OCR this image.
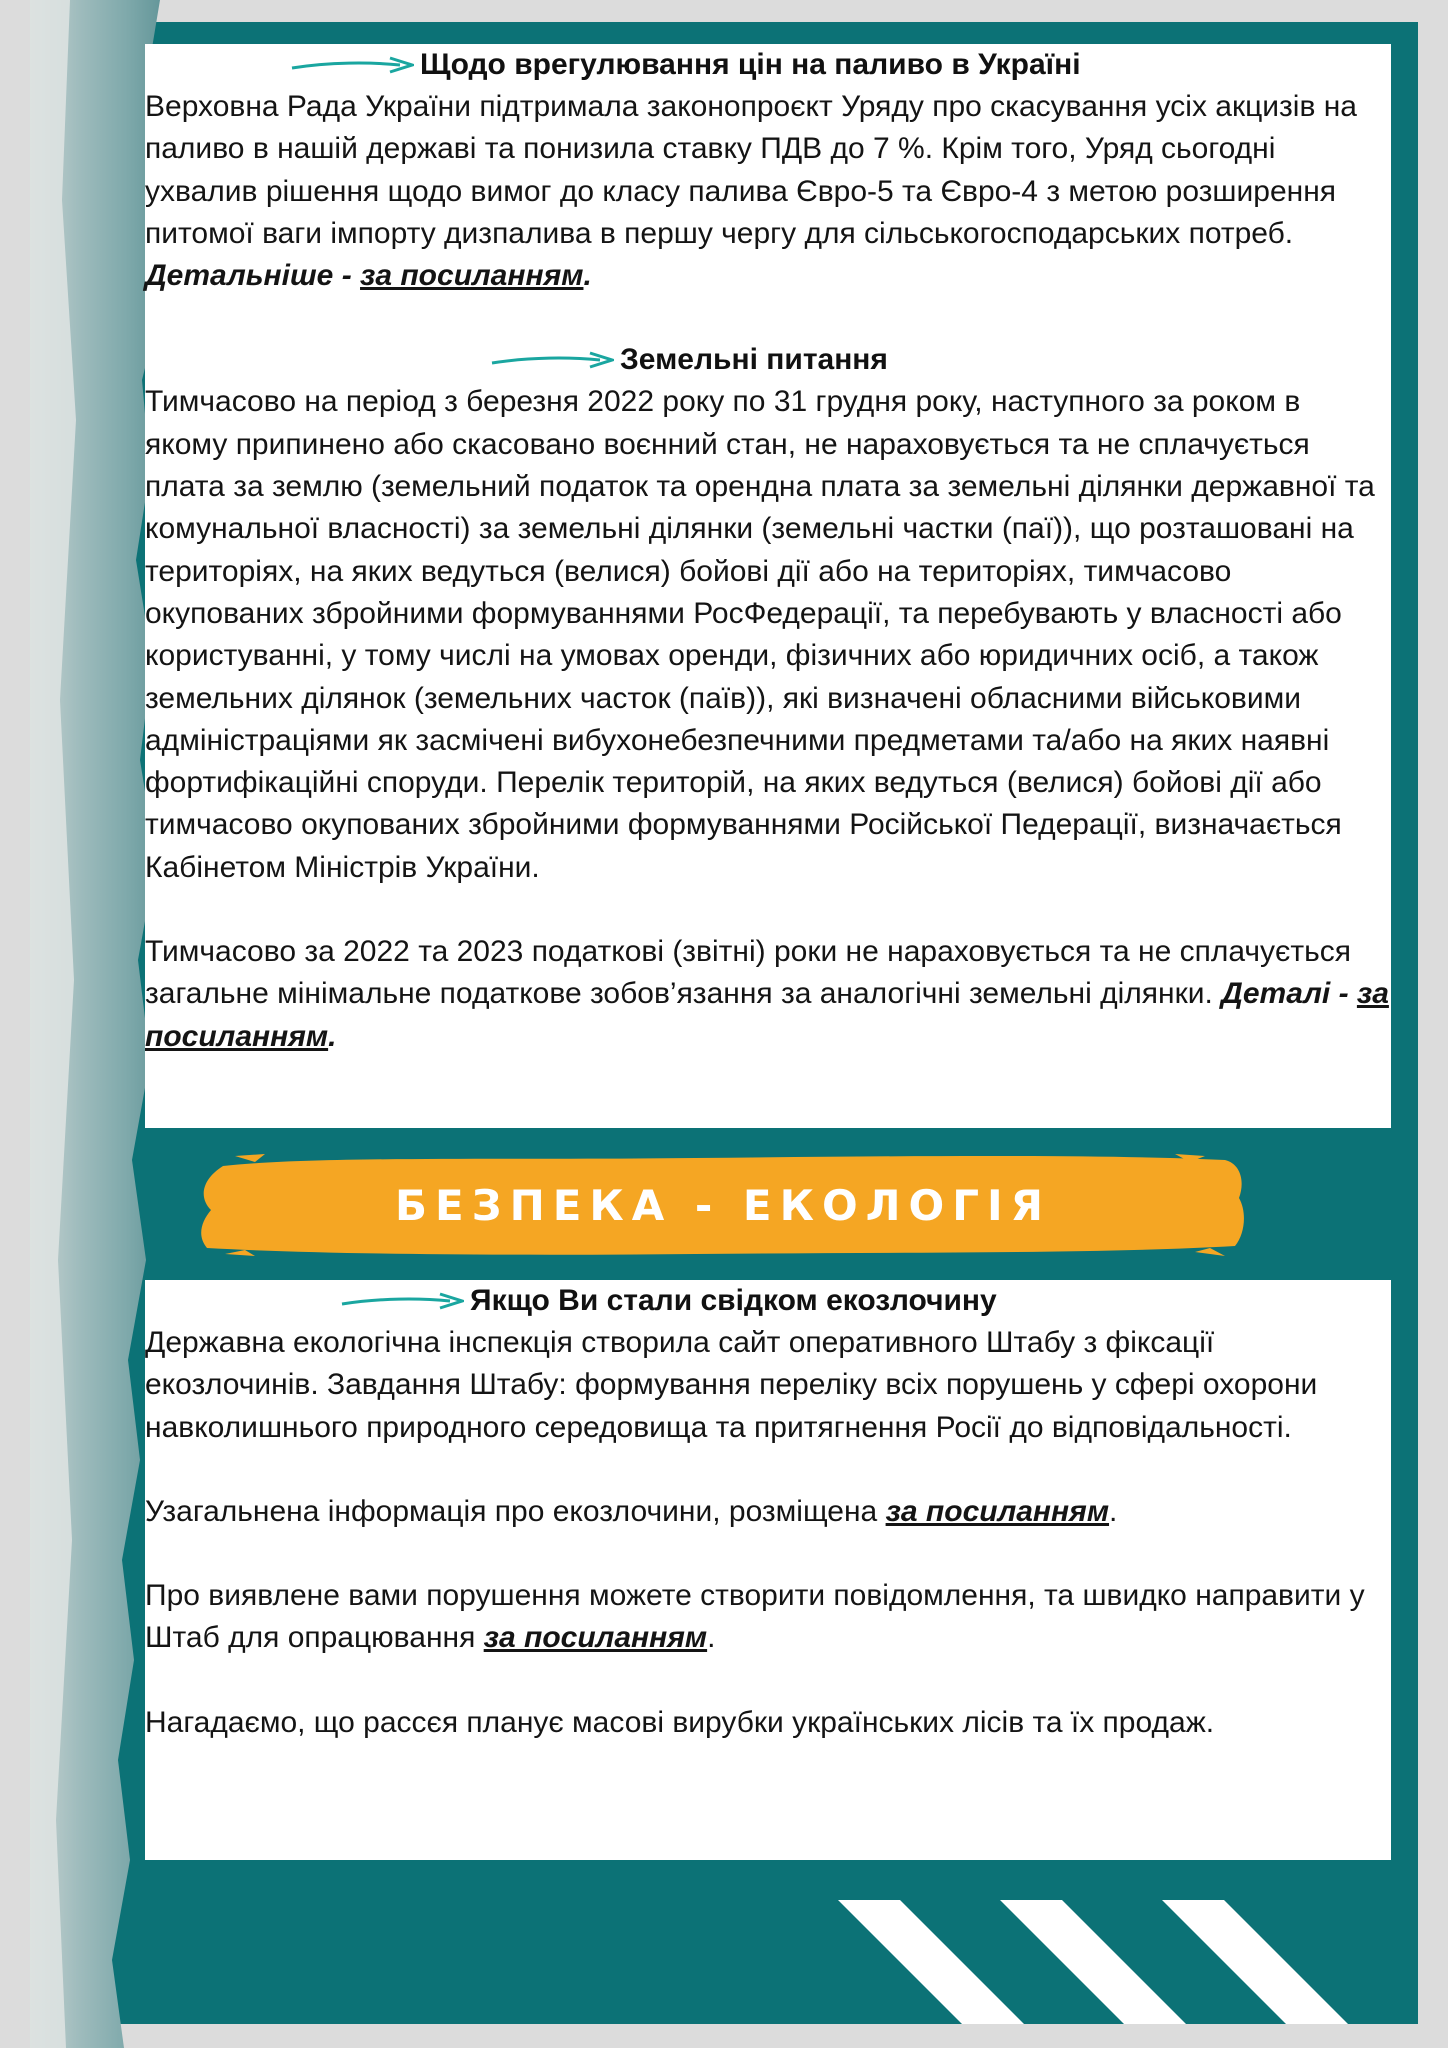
Щодо врегулювання цін на паливо в Україні

Верховна Рада України підтримала законопроєкт Уряду про скасування усіх акцизів на паливо в нашій державі та понизила ставку ПДВ до 7 %. Крім того, Уряд сьогодні ухвалив рішення щодо вимог до класу палива Євро-5 та Євро-4 з метою розширення питомої ваги імпорту дизпалива в першу чергу для сільськогосподарських потреб. Детальніше - за посиланням.

Земельні питання

Тимчасово на період з березня 2022 року по 31 грудня року, наступного за роком в якому припинено або скасовано воєнний стан, не нараховується та не сплачується плата за землю (земельний податок та орендна плата за земельні ділянки державної та комунальної власності) за земельні ділянки (земельні частки (паї)), що розташовані на територіях, на яких ведуться (велися) бойові дії або на територіях, тимчасово окупованих збройними формуваннями РосФедерації, та перебувають у власності або користуванні, у тому числі на умовах оренди, фізичних або юридичних осіб, а також земельних ділянок (земельних часток (паїв)), які визначені обласними військовими адміністраціями як засмічені вибухонебезпечними предметами та/або на яких наявні фортифікаційні споруди. Перелік територій, на яких ведуться (велися) бойові дії або тимчасово окупованих збройними формуваннями Російської Педерації, визначається Кабінетом Міністрів України.

Тимчасово за 2022 та 2023 податкові (звітні) роки не нараховується та не сплачується загальне мінімальне податкове зобов’язання за аналогічні земельні ділянки. Деталі - за посиланням.

БЕЗПЕКА - ЕКОЛОГІЯ
Якщо Ви стали свідком екозлочину

Державна екологічна інспекція створила сайт оперативного Штабу з фіксації екозлочинів. Завдання Штабу: формування переліку всіх порушень у сфері охорони навколишнього природного середовища та притягнення Росії до відповідальності.

Узагальнена інформація про екозлочини, розміщена за посиланням.

Про виявлене вами порушення можете створити повідомлення, та швидко направити у Штаб для опрацювання за посиланням.

Нагадаємо, що рассєя планує масові вирубки українських лісів та їх продаж.
